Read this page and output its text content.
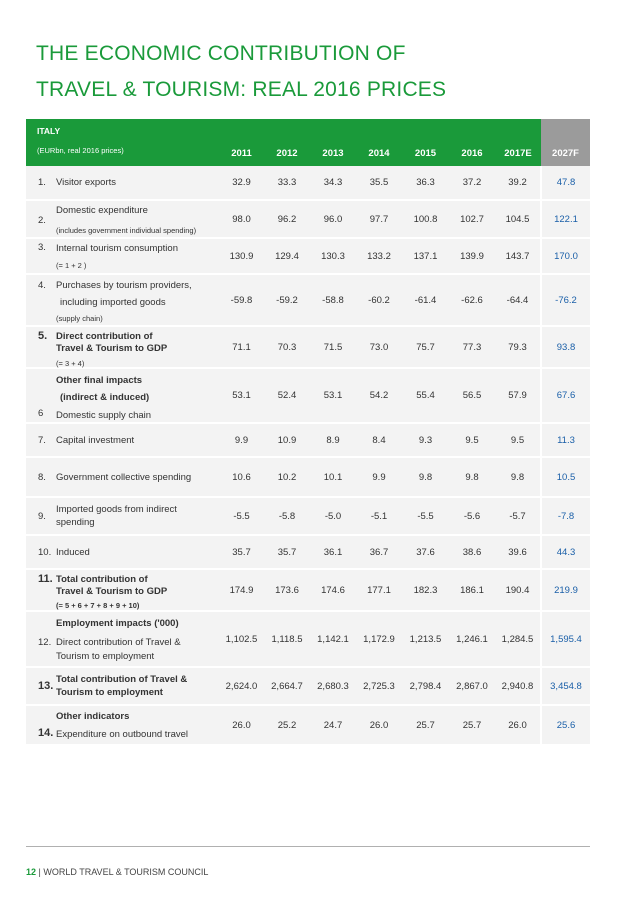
THE ECONOMIC CONTRIBUTION OF
TRAVEL & TOURISM: REAL 2016 PRICES
ITALY
(EURbn, real 2016 prices)	2011	2012	2013	2014	2015	2016	2017E	2027F

1. Visitor exports	32.9	33.3	34.3	35.5	36.3	37.2	39.2	47.8

2.
Domestic expenditure
(includes government individual spending)	98.0	96.2	96.0	97.7	100.8	102.7	104.5	122.1

3. Internal tourism consumption
(= 1 + 2 )	130.9	129.4	130.3	133.2	137.1	139.9	143.7	170.0

4. Purchases by tourism providers,
including imported goods
(supply chain)	-59.8	-59.2	-58.8	-60.2	-61.4	-62.6	-64.4	-76.2

5. Direct contribution of
Travel & Tourism to GDP
(= 3 + 4)	71.1	70.3	71.5	73.0	75.7	77.3	79.3	93.8

Other final impacts
(indirect & induced)
6 Domestic supply chain	53.1	52.4	53.1	54.2	55.4	56.5	57.9	67.6

7. Capital investment	9.9	10.9	8.9	8.4	9.3	9.5	9.5	11.3

8. Government collective spending	10.6	10.2	10.1	9.9	9.8	9.8	9.8	10.5

9.
Imported goods from indirect
spending	-5.5	-5.8	-5.0	-5.1	-5.5	-5.6	-5.7	-7.8

10. Induced	35.7	35.7	36.1	36.7	37.6	38.6	39.6	44.3

11. Total contribution of
Travel & Tourism to GDP
(= 5 + 6 + 7 + 8 + 9 + 10)	174.9	173.6	174.6	177.1	182.3	186.1	190.4	219.9

Employment impacts ('000)
12. Direct contribution of Travel &
Tourism to employment	1,102.5	1,118.5	1,142.1	1,172.9	1,213.5	1,246.1	1,284.5	1,595.4

13.
Total contribution of Travel &
Tourism to employment	2,624.0	2,664.7	2,680.3	2,725.3	2,798.4	2,867.0	2,940.8	3,454.8

Other indicators
14. Expenditure on outbound travel	26.0	25.2	24.7	26.0	25.7	25.7	26.0	25.6
12 | WORLD TRAVEL & TOURISM COUNCIL
